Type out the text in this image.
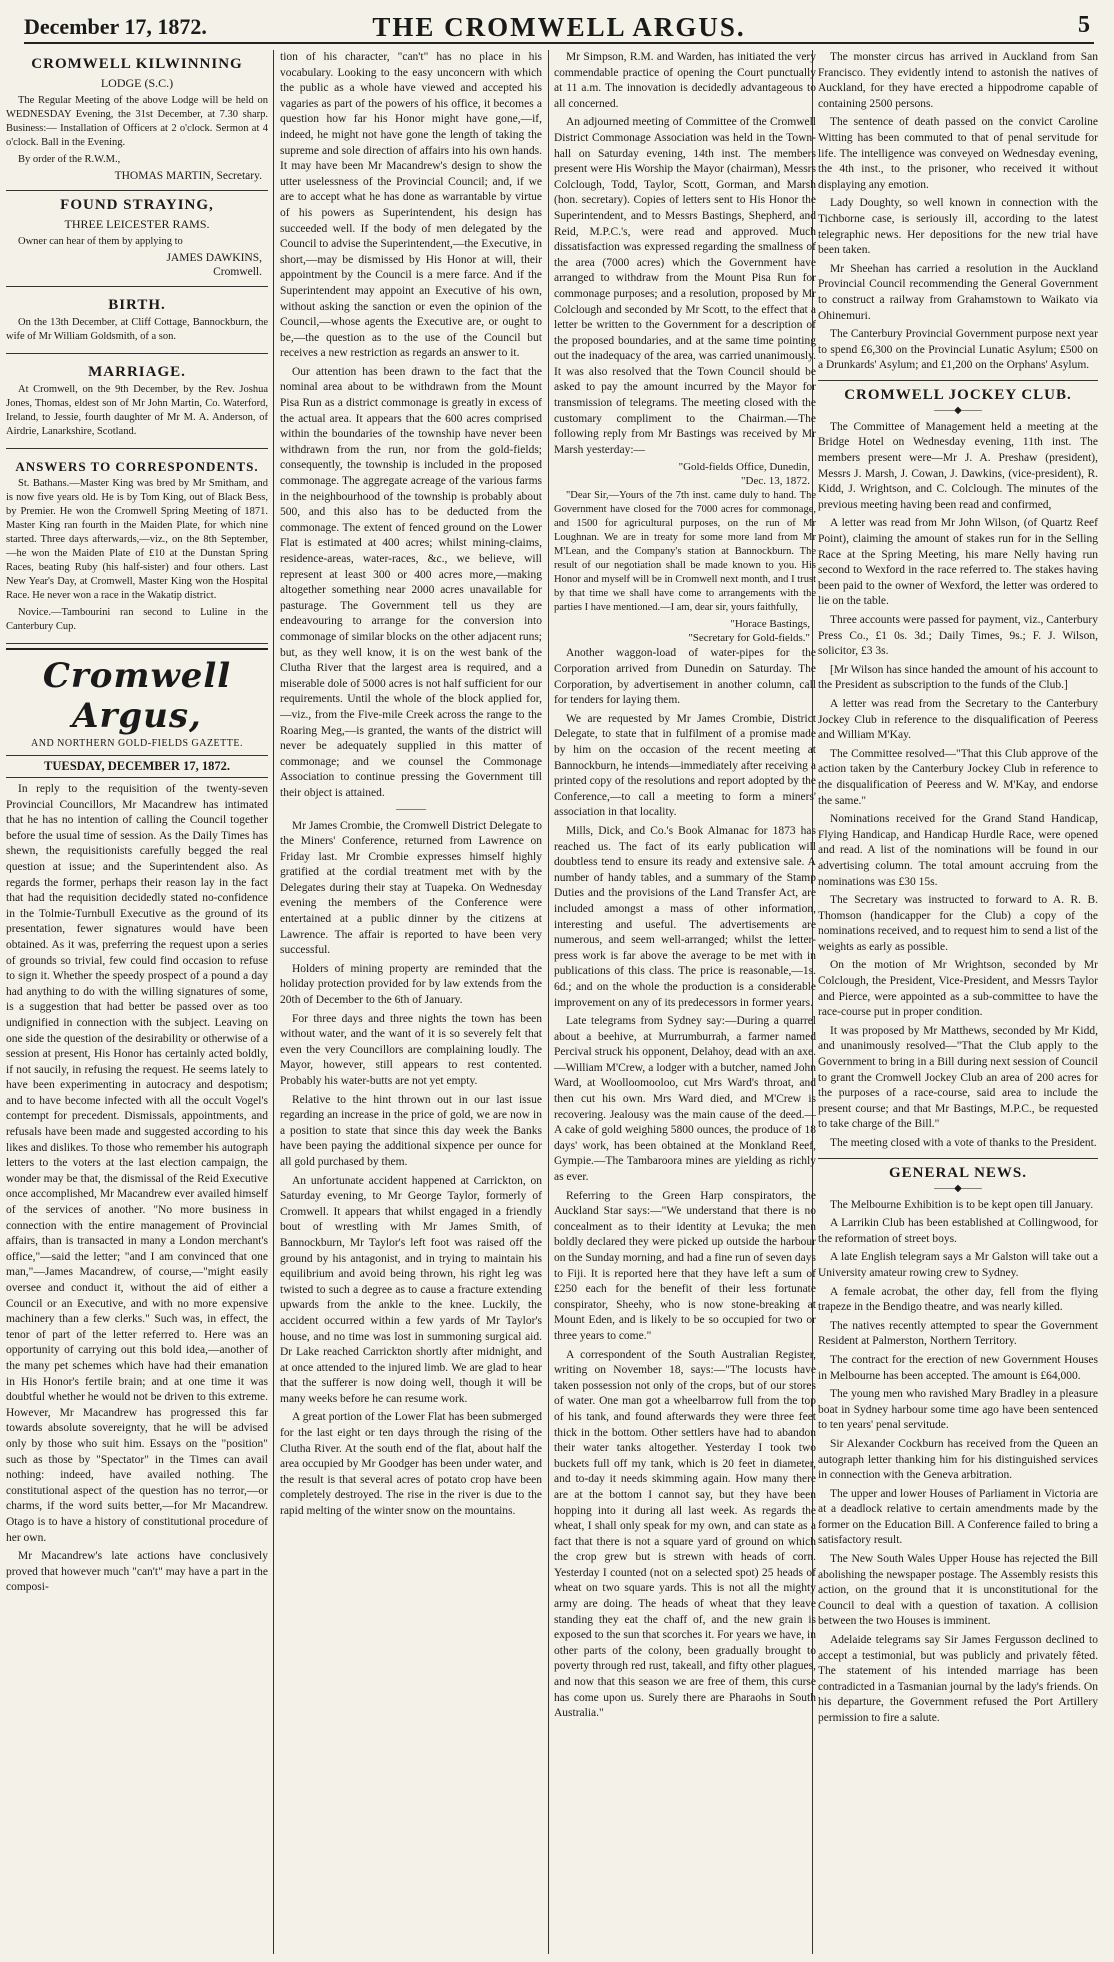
December 17, 1872.	THE CROMWELL ARGUS.	5
CROMWELL KILWINNING
LODGE (S.C.)

The Regular Meeting of the above Lodge will be held on WEDNESDAY Evening, the 31st December, at 7.30 sharp. Business:— Installation of Officers at 2 o'clock. Sermon at 4 o'clock. Ball in the Evening.

By order of the R.W.M.,

THOMAS MARTIN, Secretary.
FOUND STRAYING,
THREE LEICESTER RAMS.

Owner can hear of them by applying to

JAMES DAWKINS,
Cromwell.
BIRTH.

On the 13th December, at Cliff Cottage, Bannockburn, the wife of Mr William Goldsmith, of a son.

MARRIAGE.

At Cromwell, on the 9th December, by the Rev. Joshua Jones, Thomas, eldest son of Mr John Martin, Co. Waterford, Ireland, to Jessie, fourth daughter of Mr M. A. Anderson, of Airdrie, Lanarkshire, Scotland.

ANSWERS TO CORRESPONDENTS.

St. Bathans.—Master King was bred by Mr Smitham, and is now five years old. He is by Tom King, out of Black Bess, by Premier. He won the Cromwell Spring Meeting of 1871. Master King ran fourth in the Maiden Plate, for which nine started. Three days afterwards,—viz., on the 8th September,—he won the Maiden Plate of £10 at the Dunstan Spring Races, beating Ruby (his half-sister) and four others. Last New Year's Day, at Cromwell, Master King won the Hospital Race. He never won a race in the Wakatip district.

Novice.—Tambourini ran second to Luline in the Canterbury Cup.

Cromwell Argus,
AND NORTHERN GOLD-FIELDS GAZETTE.
TUESDAY, DECEMBER 17, 1872.

In reply to the requisition of the twenty-seven Provincial Councillors, Mr Macandrew has intimated that he has no intention of calling the Council together before the usual time of session. As the Daily Times has shewn, the requisitionists carefully begged the real question at issue; and the Superintendent also. As regards the former, perhaps their reason lay in the fact that had the requisition decidedly stated no-confidence in the Tolmie-Turnbull Executive as the ground of its presentation, fewer signatures would have been obtained. As it was, preferring the request upon a series of grounds so trivial, few could find occasion to refuse to sign it. Whether the speedy prospect of a pound a day had anything to do with the willing signatures of some, is a suggestion that had better be passed over as too undignified in connection with the subject. Leaving on one side the question of the desirability or otherwise of a session at present, His Honor has certainly acted boldly, if not saucily, in refusing the request. He seems lately to have been experimenting in autocracy and despotism; and to have become infected with all the occult Vogel's contempt for precedent. Dismissals, appointments, and refusals have been made and suggested according to his likes and dislikes. To those who remember his autograph letters to the voters at the last election campaign, the wonder may be that, the dismissal of the Reid Executive once accomplished, Mr Macandrew ever availed himself of the services of another. "No more business in connection with the entire management of Provincial affairs, than is transacted in many a London merchant's office,"—said the letter; "and I am convinced that one man,"—James Macandrew, of course,—"might easily oversee and conduct it, without the aid of either a Council or an Executive, and with no more expensive machinery than a few clerks." Such was, in effect, the tenor of part of the letter referred to. Here was an opportunity of carrying out this bold idea,—another of the many pet schemes which have had their emanation in His Honor's fertile brain; and at one time it was doubtful whether he would not be driven to this extreme. However, Mr Macandrew has progressed this far towards absolute sovereignty, that he will be advised only by those who suit him. Essays on the "position" such as those by "Spectator" in the Times can avail nothing: indeed, have availed nothing. The constitutional aspect of the question has no terror,—or charms, if the word suits better,—for Mr Macandrew. Otago is to have a history of constitutional procedure of her own.

Mr Macandrew's late actions have conclusively proved that however much "can't" may have a part in the composi-

tion of his character, "can't" has no place in his vocabulary. Looking to the easy unconcern with which the public as a whole have viewed and accepted his vagaries as part of the powers of his office, it becomes a question how far his Honor might have gone,—if, indeed, he might not have gone the length of taking the supreme and sole direction of affairs into his own hands. It may have been Mr Macandrew's design to show the utter uselessness of the Provincial Council; and, if we are to accept what he has done as warrantable by virtue of his powers as Superintendent, his design has succeeded well. If the body of men delegated by the Council to advise the Superintendent,—the Executive, in short,—may be dismissed by His Honor at will, their appointment by the Council is a mere farce. And if the Superintendent may appoint an Executive of his own, without asking the sanction or even the opinion of the Council,—whose agents the Executive are, or ought to be,—the question as to the use of the Council but receives a new restriction as regards an answer to it.

Our attention has been drawn to the fact that the nominal area about to be withdrawn from the Mount Pisa Run as a district commonage is greatly in excess of the actual area. It appears that the 600 acres comprised within the boundaries of the township have never been withdrawn from the run, nor from the gold-fields; consequently, the township is included in the proposed commonage. The aggregate acreage of the various farms in the neighbourhood of the township is probably about 500, and this also has to be deducted from the commonage. The extent of fenced ground on the Lower Flat is estimated at 400 acres; whilst mining-claims, residence-areas, water-races, &c., we believe, will represent at least 300 or 400 acres more,—making altogether something near 2000 acres unavailable for pasturage. The Government tell us they are endeavouring to arrange for the conversion into commonage of similar blocks on the other adjacent runs; but, as they well know, it is on the west bank of the Clutha River that the largest area is required, and a miserable dole of 5000 acres is not half sufficient for our requirements. Until the whole of the block applied for,—viz., from the Five-mile Creek across the range to the Roaring Meg,—is granted, the wants of the district will never be adequately supplied in this matter of commonage; and we counsel the Commonage Association to continue pressing the Government till their object is attained.

———

Mr James Crombie, the Cromwell District Delegate to the Miners' Conference, returned from Lawrence on Friday last. Mr Crombie expresses himself highly gratified at the cordial treatment met with by the Delegates during their stay at Tuapeka. On Wednesday evening the members of the Conference were entertained at a public dinner by the citizens at Lawrence. The affair is reported to have been very successful.

Holders of mining property are reminded that the holiday protection provided for by law extends from the 20th of December to the 6th of January.

For three days and three nights the town has been without water, and the want of it is so severely felt that even the very Councillors are complaining loudly. The Mayor, however, still appears to rest contented. Probably his water-butts are not yet empty.

Relative to the hint thrown out in our last issue regarding an increase in the price of gold, we are now in a position to state that since this day week the Banks have been paying the additional sixpence per ounce for all gold purchased by them.

An unfortunate accident happened at Carrickton, on Saturday evening, to Mr George Taylor, formerly of Cromwell. It appears that whilst engaged in a friendly bout of wrestling with Mr James Smith, of Bannockburn, Mr Taylor's left foot was raised off the ground by his antagonist, and in trying to maintain his equilibrium and avoid being thrown, his right leg was twisted to such a degree as to cause a fracture extending upwards from the ankle to the knee. Luckily, the accident occurred within a few yards of Mr Taylor's house, and no time was lost in summoning surgical aid. Dr Lake reached Carrickton shortly after midnight, and at once attended to the injured limb. We are glad to hear that the sufferer is now doing well, though it will be many weeks before he can resume work.

A great portion of the Lower Flat has been submerged for the last eight or ten days through the rising of the Clutha River. At the south end of the flat, about half the area occupied by Mr Goodger has been under water, and the result is that several acres of potato crop have been completely destroyed. The rise in the river is due to the rapid melting of the winter snow on the mountains.

Mr Simpson, R.M. and Warden, has initiated the very commendable practice of opening the Court punctually at 11 a.m. The innovation is decidedly advantageous to all concerned.

An adjourned meeting of Committee of the Cromwell District Commonage Association was held in the Town-hall on Saturday evening, 14th inst. The members present were His Worship the Mayor (chairman), Messrs Colclough, Todd, Taylor, Scott, Gorman, and Marsh (hon. secretary). Copies of letters sent to His Honor the Superintendent, and to Messrs Bastings, Shepherd, and Reid, M.P.C.'s, were read and approved. Much dissatisfaction was expressed regarding the smallness of the area (7000 acres) which the Government have arranged to withdraw from the Mount Pisa Run for commonage purposes; and a resolution, proposed by Mr Colclough and seconded by Mr Scott, to the effect that a letter be written to the Government for a description of the proposed boundaries, and at the same time pointing out the inadequacy of the area, was carried unanimously. It was also resolved that the Town Council should be asked to pay the amount incurred by the Mayor for transmission of telegrams. The meeting closed with the customary compliment to the Chairman.—The following reply from Mr Bastings was received by Mr Marsh yesterday:—

"Gold-fields Office, Dunedin,
"Dec. 13, 1872.

"Dear Sir,—Yours of the 7th inst. came duly to hand. The Government have closed for the 7000 acres for commonage, and 1500 for agricultural purposes, on the run of Mr Loughnan. We are in treaty for some more land from Mr M'Lean, and the Company's station at Bannockburn. The result of our negotiation shall be made known to you. His Honor and myself will be in Cromwell next month, and I trust by that time we shall have come to arrangements with the parties I have mentioned.—I am, dear sir, yours faithfully,

"Horace Bastings,
"Secretary for Gold-fields."

Another waggon-load of water-pipes for the Corporation arrived from Dunedin on Saturday. The Corporation, by advertisement in another column, call for tenders for laying them.

We are requested by Mr James Crombie, District Delegate, to state that in fulfilment of a promise made by him on the occasion of the recent meeting at Bannockburn, he intends—immediately after receiving a printed copy of the resolutions and report adopted by the Conference,—to call a meeting to form a miners' association in that locality.

Mills, Dick, and Co.'s Book Almanac for 1873 has reached us. The fact of its early publication will doubtless tend to ensure its ready and extensive sale. A number of handy tables, and a summary of the Stamp Duties and the provisions of the Land Transfer Act, are included amongst a mass of other information, interesting and useful. The advertisements are numerous, and seem well-arranged; whilst the letter-press work is far above the average to be met with in publications of this class. The price is reasonable,—1s. 6d.; and on the whole the production is a considerable improvement on any of its predecessors in former years.

Late telegrams from Sydney say:—During a quarrel about a beehive, at Murrumburrah, a farmer named Percival struck his opponent, Delahoy, dead with an axe.—William M'Crew, a lodger with a butcher, named John Ward, at Woolloomooloo, cut Mrs Ward's throat, and then cut his own. Mrs Ward died, and M'Crew is recovering. Jealousy was the main cause of the deed.—A cake of gold weighing 5800 ounces, the produce of 18 days' work, has been obtained at the Monkland Reef, Gympie.—The Tambaroora mines are yielding as richly as ever.

Referring to the Green Harp conspirators, the Auckland Star says:—"We understand that there is no concealment as to their identity at Levuka; the men boldly declared they were picked up outside the harbour on the Sunday morning, and had a fine run of seven days to Fiji. It is reported here that they have left a sum of £250 each for the benefit of their less fortunate conspirator, Sheehy, who is now stone-breaking at Mount Eden, and is likely to be so occupied for two or three years to come."

A correspondent of the South Australian Register, writing on November 18, says:—"The locusts have taken possession not only of the crops, but of our stores of water. One man got a wheelbarrow full from the top of his tank, and found afterwards they were three feet thick in the bottom. Other settlers have had to abandon their water tanks altogether. Yesterday I took two buckets full off my tank, which is 20 feet in diameter, and to-day it needs skimming again. How many there are at the bottom I cannot say, but they have been hopping into it during all last week. As regards the wheat, I shall only speak for my own, and can state as a fact that there is not a square yard of ground on which the crop grew but is strewn with heads of corn. Yesterday I counted (not on a selected spot) 25 heads of wheat on two square yards. This is not all the mighty army are doing. The heads of wheat that they leave standing they eat the chaff of, and the new grain is exposed to the sun that scorches it. For years we have, in other parts of the colony, been gradually brought to poverty through red rust, takeall, and fifty other plagues, and now that this season we are free of them, this curse has come upon us. Surely there are Pharaohs in South Australia."

The monster circus has arrived in Auckland from San Francisco. They evidently intend to astonish the natives of Auckland, for they have erected a hippodrome capable of containing 2500 persons.

The sentence of death passed on the convict Caroline Witting has been commuted to that of penal servitude for life. The intelligence was conveyed on Wednesday evening, the 4th inst., to the prisoner, who received it without displaying any emotion.

Lady Doughty, so well known in connection with the Tichborne case, is seriously ill, according to the latest telegraphic news. Her depositions for the new trial have been taken.

Mr Sheehan has carried a resolution in the Auckland Provincial Council recommending the General Government to construct a railway from Grahamstown to Waikato via Ohinemuri.

The Canterbury Provincial Government purpose next year to spend £6,300 on the Provincial Lunatic Asylum; £500 on a Drunkards' Asylum; and £1,200 on the Orphans' Asylum.

CROMWELL JOCKEY CLUB.
——◆——

The Committee of Management held a meeting at the Bridge Hotel on Wednesday evening, 11th inst. The members present were—Mr J. A. Preshaw (president), Messrs J. Marsh, J. Cowan, J. Dawkins, (vice-president), R. Kidd, J. Wrightson, and C. Colclough. The minutes of the previous meeting having been read and confirmed,

A letter was read from Mr John Wilson, (of Quartz Reef Point), claiming the amount of stakes run for in the Selling Race at the Spring Meeting, his mare Nelly having run second to Wexford in the race referred to. The stakes having been paid to the owner of Wexford, the letter was ordered to lie on the table.

Three accounts were passed for payment, viz., Canterbury Press Co., £1 0s. 3d.; Daily Times, 9s.; F. J. Wilson, solicitor, £3 3s.

[Mr Wilson has since handed the amount of his account to the President as subscription to the funds of the Club.]

A letter was read from the Secretary to the Canterbury Jockey Club in reference to the disqualification of Peeress and William M'Kay.

The Committee resolved—"That this Club approve of the action taken by the Canterbury Jockey Club in reference to the disqualification of Peeress and W. M'Kay, and endorse the same."

Nominations received for the Grand Stand Handicap, Flying Handicap, and Handicap Hurdle Race, were opened and read. A list of the nominations will be found in our advertising column. The total amount accruing from the nominations was £30 15s.

The Secretary was instructed to forward to A. R. B. Thomson (handicapper for the Club) a copy of the nominations received, and to request him to send a list of the weights as early as possible.

On the motion of Mr Wrightson, seconded by Mr Colclough, the President, Vice-President, and Messrs Taylor and Pierce, were appointed as a sub-committee to have the race-course put in proper condition.

It was proposed by Mr Matthews, seconded by Mr Kidd, and unanimously resolved—"That the Club apply to the Government to bring in a Bill during next session of Council to grant the Cromwell Jockey Club an area of 200 acres for the purposes of a race-course, said area to include the present course; and that Mr Bastings, M.P.C., be requested to take charge of the Bill."

The meeting closed with a vote of thanks to the President.

GENERAL NEWS.
——◆——

The Melbourne Exhibition is to be kept open till January.

A Larrikin Club has been established at Collingwood, for the reformation of street boys.

A late English telegram says a Mr Galston will take out a University amateur rowing crew to Sydney.

A female acrobat, the other day, fell from the flying trapeze in the Bendigo theatre, and was nearly killed.

The natives recently attempted to spear the Government Resident at Palmerston, Northern Territory.

The contract for the erection of new Government Houses in Melbourne has been accepted. The amount is £64,000.

The young men who ravished Mary Bradley in a pleasure boat in Sydney harbour some time ago have been sentenced to ten years' penal servitude.

Sir Alexander Cockburn has received from the Queen an autograph letter thanking him for his distinguished services in connection with the Geneva arbitration.

The upper and lower Houses of Parliament in Victoria are at a deadlock relative to certain amendments made by the former on the Education Bill. A Conference failed to bring a satisfactory result.

The New South Wales Upper House has rejected the Bill abolishing the newspaper postage. The Assembly resists this action, on the ground that it is unconstitutional for the Council to deal with a question of taxation. A collision between the two Houses is imminent.

Adelaide telegrams say Sir James Fergusson declined to accept a testimonial, but was publicly and privately fêted. The statement of his intended marriage has been contradicted in a Tasmanian journal by the lady's friends. On his departure, the Government refused the Port Artillery permission to fire a salute.
